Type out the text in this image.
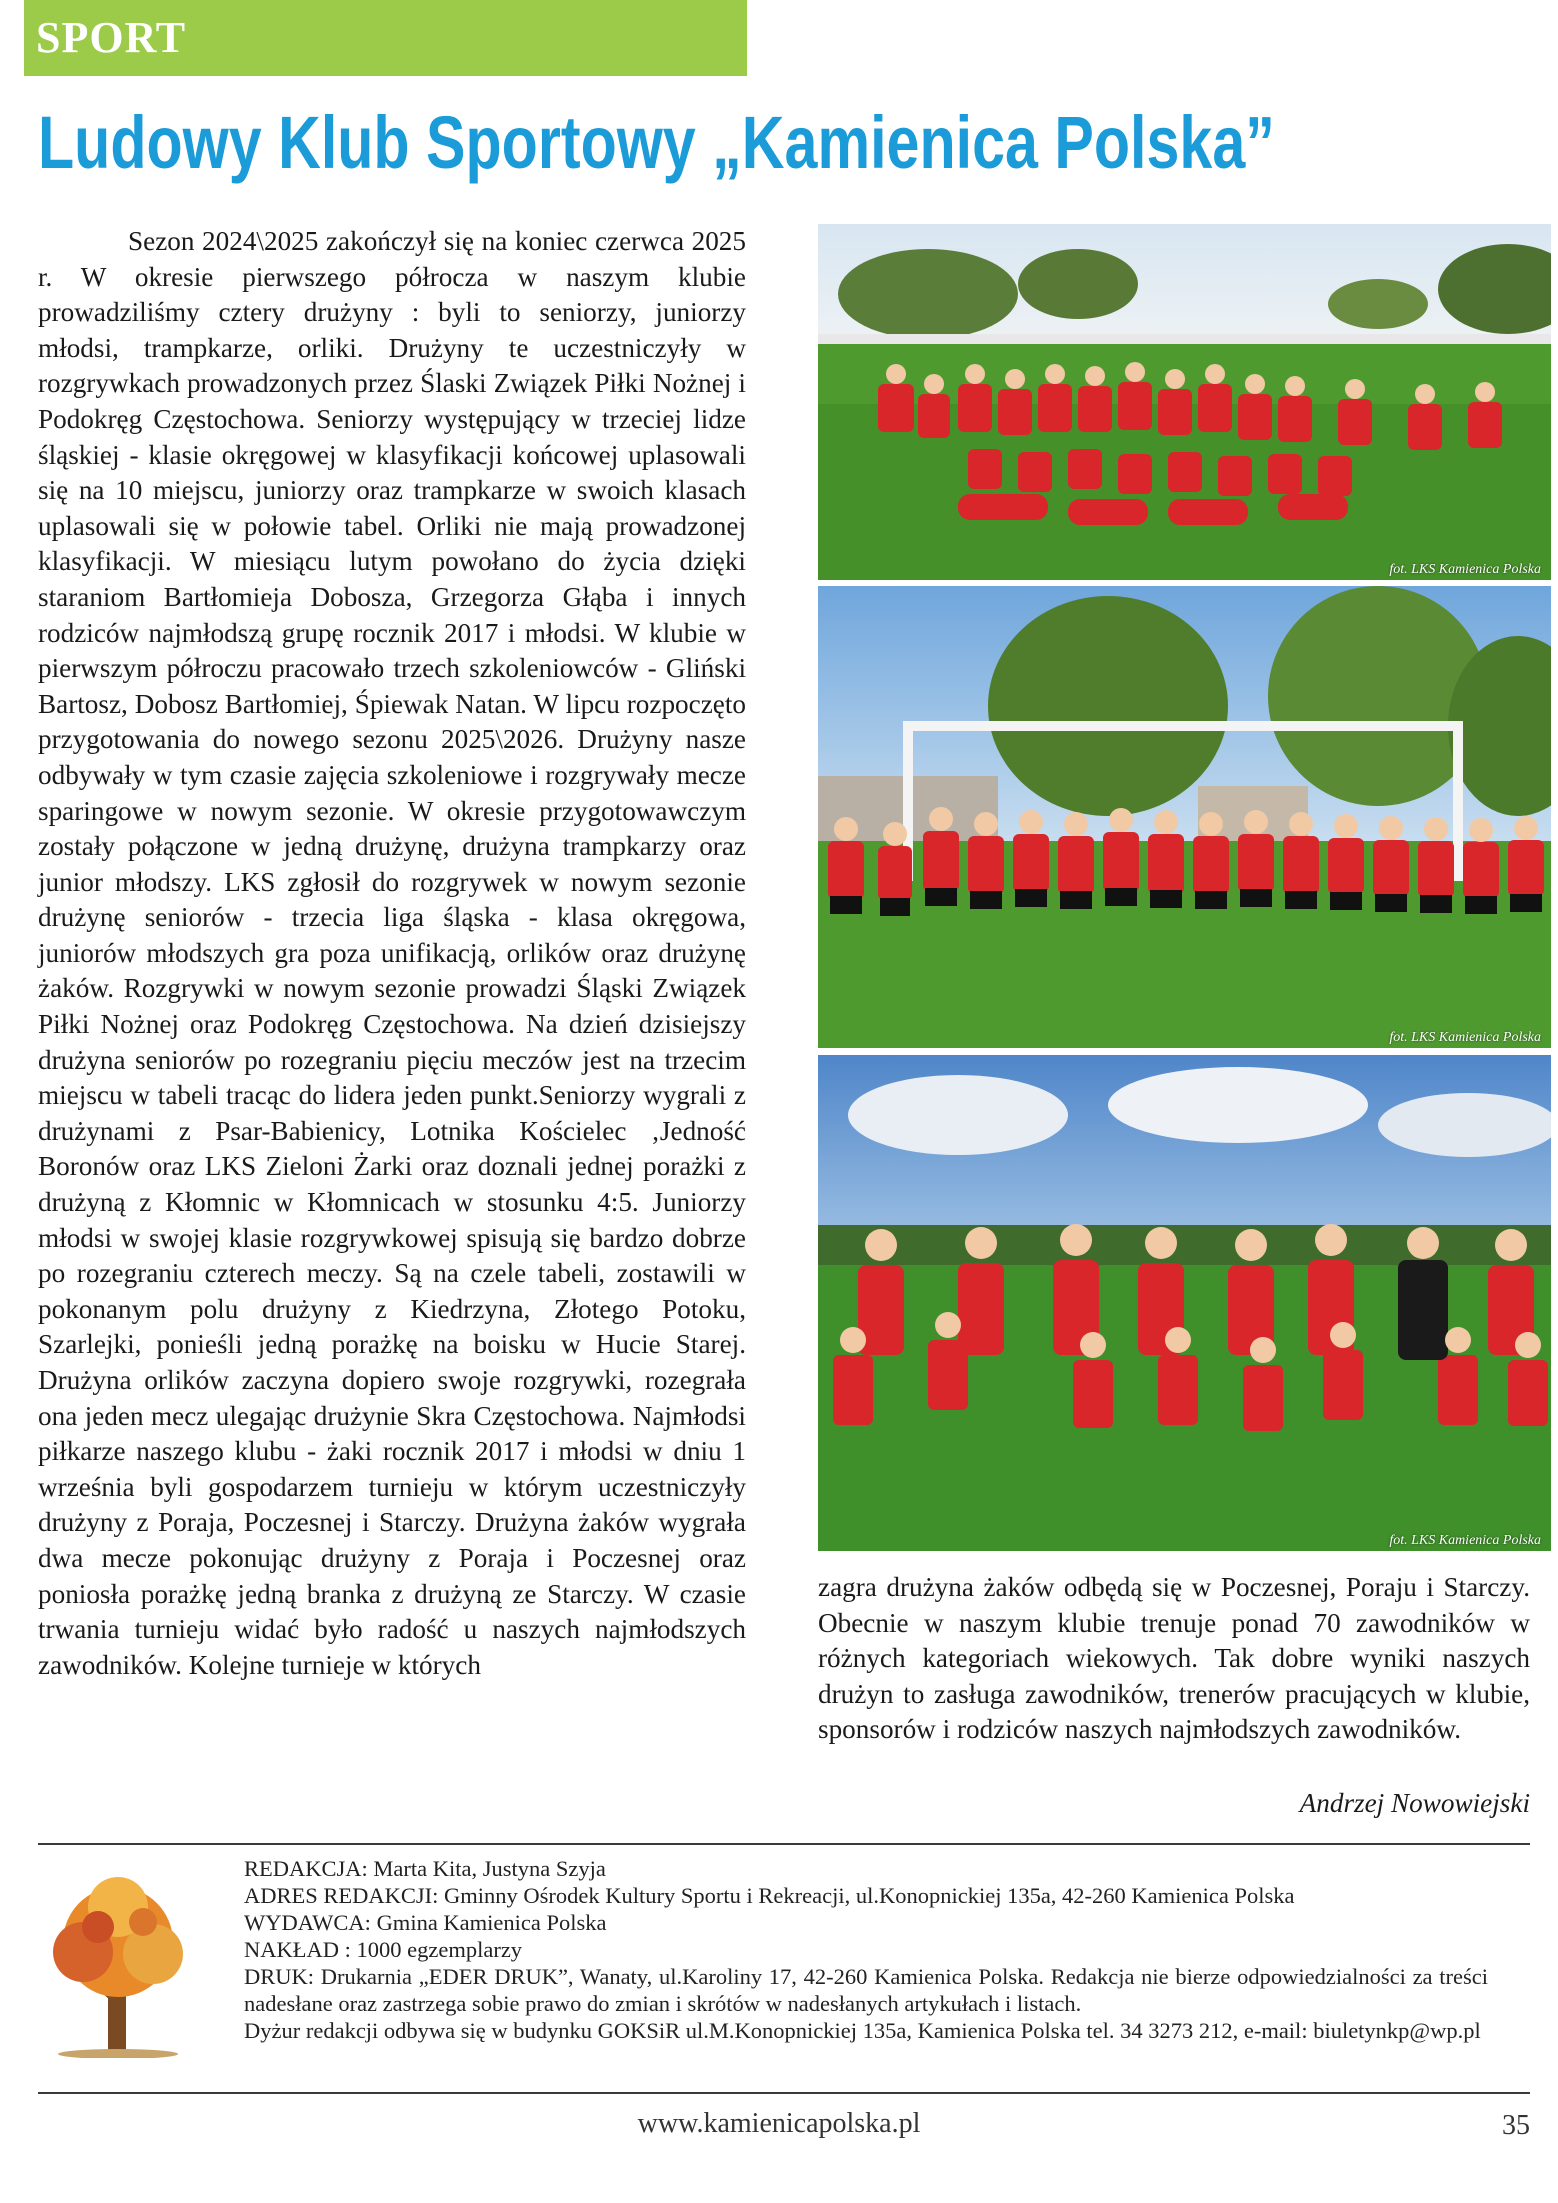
SPORT
Ludowy Klub Sportowy „Kamienica Polska”

Sezon 2024\2025 zakończył się na koniec czerwca 2025 r. W okresie pierwszego półrocza w naszym klubie prowadziliśmy cztery drużyny : byli to seniorzy, juniorzy młodsi, trampkarze, orliki. Drużyny te uczestniczyły w rozgrywkach prowadzonych przez Ślaski Związek Piłki Nożnej i Podokręg Częstochowa. Seniorzy występujący w trzeciej lidze śląskiej - klasie okręgowej w klasyfikacji końcowej uplasowali się na 10 miejscu, juniorzy oraz trampkarze w swoich klasach uplasowali się w połowie tabel. Orliki nie mają prowadzonej klasyfikacji. W miesiącu lutym powołano do życia dzięki staraniom Bartłomieja Dobosza, Grzegorza Głąba i innych rodziców najmłodszą grupę rocznik 2017 i młodsi. W klubie w pierwszym półroczu pracowało trzech szkoleniowców - Gliński Bartosz, Dobosz Bartłomiej, Śpiewak Natan. W lipcu rozpoczęto przygotowania do nowego sezonu 2025\2026. Drużyny nasze odbywały w tym czasie zajęcia szkoleniowe i rozgrywały mecze sparingowe w nowym sezonie. W okresie przygotowawczym zostały połączone w jedną drużynę, drużyna trampkarzy oraz junior młodszy. LKS zgłosił do rozgrywek w nowym sezonie drużynę seniorów - trzecia liga śląska - klasa okręgowa, juniorów młodszych gra poza unifikacją, orlików oraz drużynę żaków. Rozgrywki w nowym sezonie prowadzi Śląski Związek Piłki Nożnej oraz Podokręg Częstochowa. Na dzień dzisiejszy drużyna seniorów po rozegraniu pięciu meczów jest na trzecim miejscu w tabeli tracąc do lidera jeden punkt.Seniorzy wygrali z drużynami z Psar-Babienicy, Lotnika Kościelec ‚Jedność Boronów oraz LKS Zieloni Żarki oraz doznali jednej porażki z drużyną z Kłomnic w Kłomnicach w stosunku 4:5. Juniorzy młodsi w swojej klasie rozgrywkowej spisują się bardzo dobrze po rozegraniu czterech meczy. Są na czele tabeli, zostawili w pokonanym polu drużyny z Kiedrzyna, Złotego Potoku, Szarlejki, ponieśli jedną porażkę na boisku w Hucie Starej. Drużyna orlików zaczyna dopiero swoje rozgrywki, rozegrała ona jeden mecz ulegając drużynie Skra Częstochowa. Najmłodsi piłkarze naszego klubu - żaki rocznik 2017 i młodsi w dniu 1 września byli gospodarzem turnieju w którym uczestniczyły drużyny z Poraja, Poczesnej i Starczy. Drużyna żaków wygrała dwa mecze pokonując drużyny z Poraja i Poczesnej oraz poniosła porażkę jedną branka z drużyną ze Starczy. W czasie trwania turnieju widać było radość u naszych najmłodszych zawodników. Kolejne turnieje w których

fot. LKS Kamienica Polska
fot. LKS Kamienica Polska
fot. LKS Kamienica Polska

zagra drużyna żaków odbędą się w Poczesnej, Poraju i Starczy. Obecnie w naszym klubie trenuje ponad 70 zawodników w różnych kategoriach wiekowych. Tak dobre wyniki naszych drużyn to zasługa zawodników, trenerów pracujących w klubie, sponsorów i rodziców naszych najmłodszych zawodników.

Andrzej Nowowiejski
REDAKCJA: Marta Kita, Justyna Szyja
ADRES REDAKCJI: Gminny Ośrodek Kultury Sportu i Rekreacji, ul.Konopnickiej 135a, 42-260 Kamienica Polska
WYDAWCA: Gmina Kamienica Polska
NAKŁAD : 1000 egzemplarzy
DRUK: Drukarnia „EDER DRUK”, Wanaty, ul.Karoliny 17, 42-260 Kamienica Polska. Redakcja nie bierze odpowiedzialności za treści nadesłane oraz zastrzega sobie prawo do zmian i skrótów w nadesłanych artykułach i listach.
Dyżur redakcji odbywa się w budynku GOKSiR ul.M.Konopnickiej 135a, Kamienica Polska tel. 34 3273 212, e-mail: biuletynkp@wp.pl
www.kamienicapolska.pl	35
